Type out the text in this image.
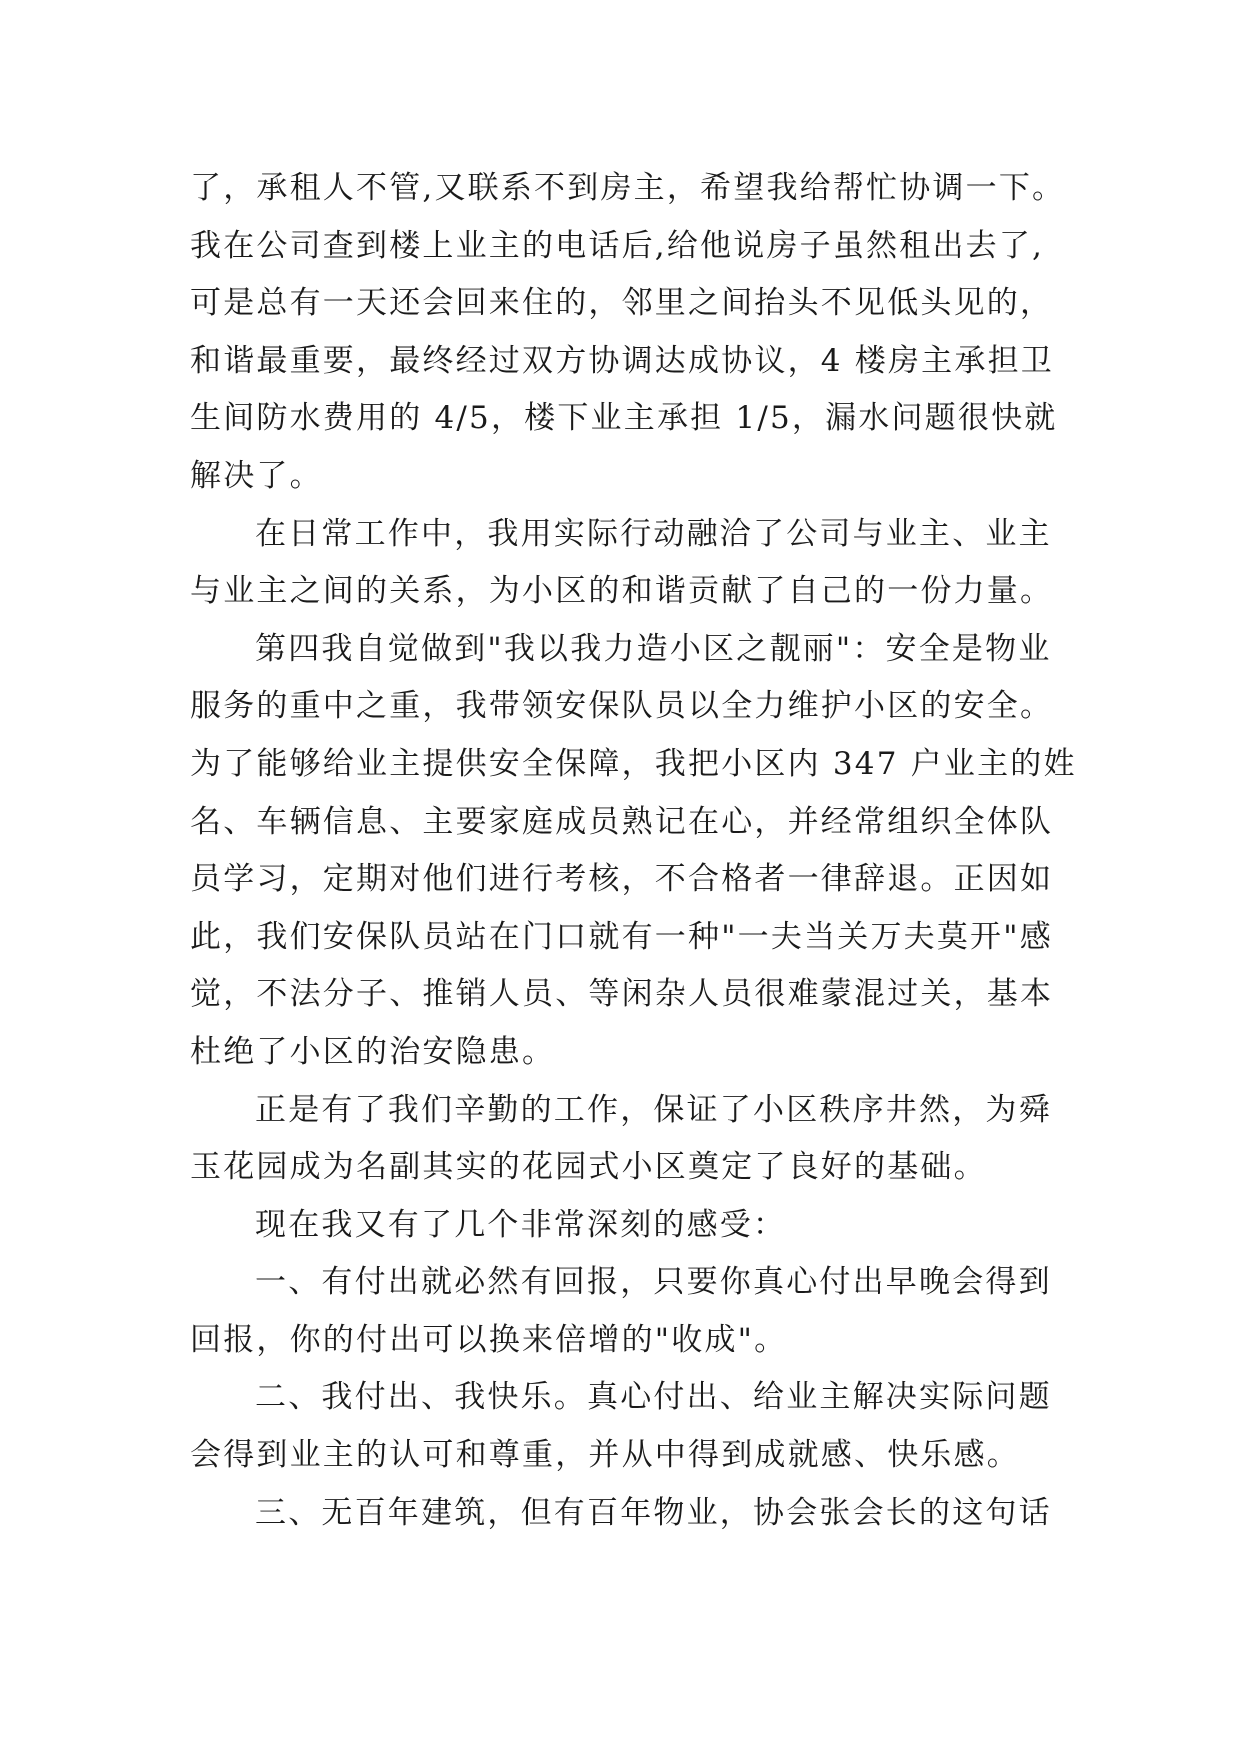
了，承租人不管,又联系不到房主，希望我给帮忙协调一下。
我在公司查到楼上业主的电话后,给他说房子虽然租出去了,
可是总有一天还会回来住的，邻里之间抬头不见低头见的，
和谐最重要，最终经过双方协调达成协议，4 楼房主承担卫
生间防水费用的 4/5，楼下业主承担 1/5，漏水问题很快就
解决了。
在日常工作中，我用实际行动融洽了公司与业主、业主
与业主之间的关系，为小区的和谐贡献了自己的一份力量。
第四我自觉做到"我以我力造小区之靓丽"：安全是物业
服务的重中之重，我带领安保队员以全力维护小区的安全。
为了能够给业主提供安全保障，我把小区内 347 户业主的姓
名、车辆信息、主要家庭成员熟记在心，并经常组织全体队
员学习，定期对他们进行考核，不合格者一律辞退。正因如
此，我们安保队员站在门口就有一种"一夫当关万夫莫开"感
觉，不法分子、推销人员、等闲杂人员很难蒙混过关，基本
杜绝了小区的治安隐患。
正是有了我们辛勤的工作，保证了小区秩序井然，为舜
玉花园成为名副其实的花园式小区奠定了良好的基础。
现在我又有了几个非常深刻的感受：
一、有付出就必然有回报，只要你真心付出早晚会得到
回报，你的付出可以换来倍增的"收成"。
二、我付出、我快乐。真心付出、给业主解决实际问题
会得到业主的认可和尊重，并从中得到成就感、快乐感。
三、无百年建筑，但有百年物业，协会张会长的这句话
